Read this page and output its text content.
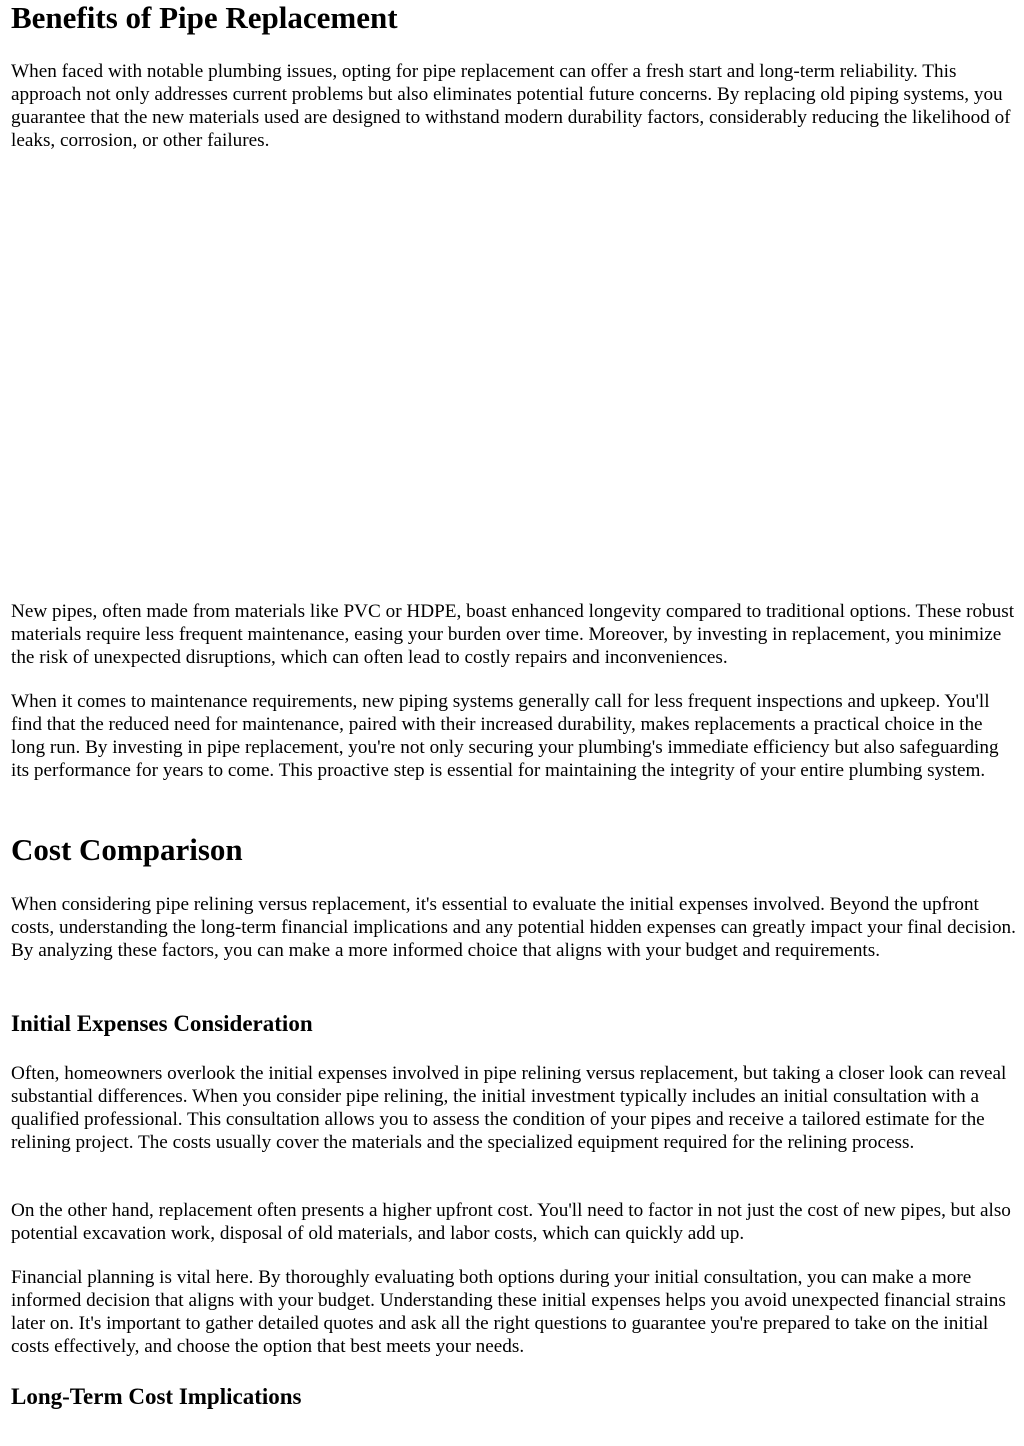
Benefits of Pipe Replacement

When faced with notable plumbing issues, opting for pipe replacement can offer a fresh start and long-term reliability. This approach not only addresses current problems but also eliminates potential future concerns. By replacing old piping systems, you guarantee that the new materials used are designed to withstand modern durability factors, considerably reducing the likelihood of leaks, corrosion, or other failures.

New pipes, often made from materials like PVC or HDPE, boast enhanced longevity compared to traditional options. These robust materials require less frequent maintenance, easing your burden over time. Moreover, by investing in replacement, you minimize the risk of unexpected disruptions, which can often lead to costly repairs and inconveniences.

When it comes to maintenance requirements, new piping systems generally call for less frequent inspections and upkeep. You'll find that the reduced need for maintenance, paired with their increased durability, makes replacements a practical choice in the long run. By investing in pipe replacement, you're not only securing your plumbing's immediate efficiency but also safeguarding its performance for years to come. This proactive step is essential for maintaining the integrity of your entire plumbing system.

Cost Comparison

When considering pipe relining versus replacement, it's essential to evaluate the initial expenses involved. Beyond the upfront costs, understanding the long-term financial implications and any potential hidden expenses can greatly impact your final decision. By analyzing these factors, you can make a more informed choice that aligns with your budget and requirements.

Initial Expenses Consideration

Often, homeowners overlook the initial expenses involved in pipe relining versus replacement, but taking a closer look can reveal substantial differences. When you consider pipe relining, the initial investment typically includes an initial consultation with a qualified professional. This consultation allows you to assess the condition of your pipes and receive a tailored estimate for the relining project. The costs usually cover the materials and the specialized equipment required for the relining process.

On the other hand, replacement often presents a higher upfront cost. You'll need to factor in not just the cost of new pipes, but also potential excavation work, disposal of old materials, and labor costs, which can quickly add up.

Financial planning is vital here. By thoroughly evaluating both options during your initial consultation, you can make a more informed decision that aligns with your budget. Understanding these initial expenses helps you avoid unexpected financial strains later on. It's important to gather detailed quotes and ask all the right questions to guarantee you're prepared to take on the initial costs effectively, and choose the option that best meets your needs.

Long-Term Cost Implications
